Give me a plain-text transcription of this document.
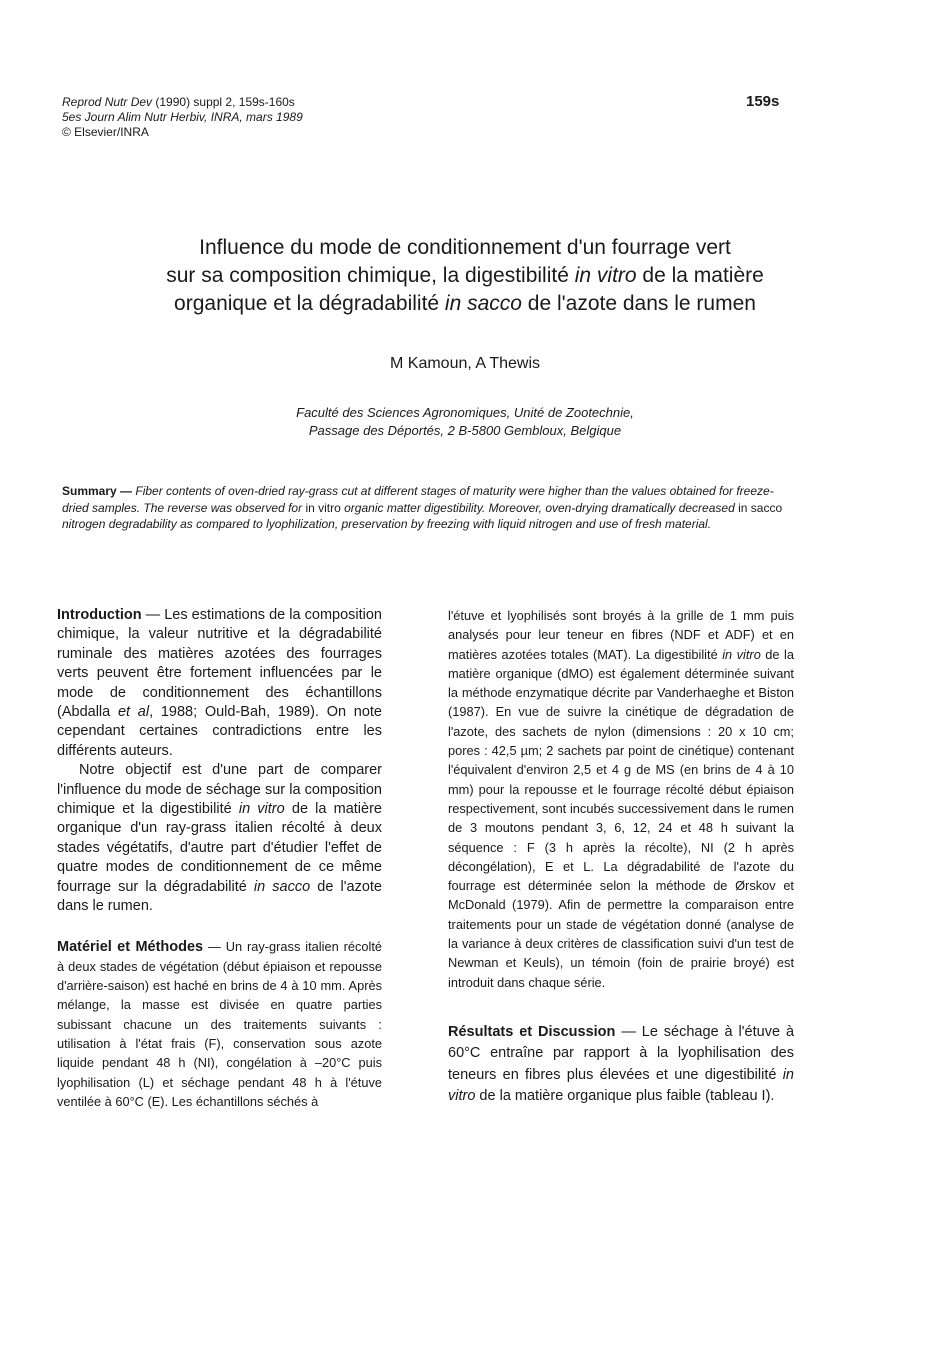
Reprod Nutr Dev (1990) suppl 2, 159s-160s
5es Journ Alim Nutr Herbiv, INRA, mars 1989
© Elsevier/INRA
159s
Influence du mode de conditionnement d'un fourrage vert
sur sa composition chimique, la digestibilité in vitro de la matière
organique et la dégradabilité in sacco de l'azote dans le rumen
M Kamoun, A Thewis
Faculté des Sciences Agronomiques, Unité de Zootechnie,
Passage des Déportés, 2 B-5800 Gembloux, Belgique
Summary — Fiber contents of oven-dried ray-grass cut at different stages of maturity were higher than the values obtained for freeze-dried samples. The reverse was observed for in vitro organic matter digestibility. Moreover, oven-drying dramatically decreased in sacco nitrogen degradability as compared to lyophilization, preservation by freezing with liquid nitrogen and use of fresh material.

Introduction — Les estimations de la composition chimique, la valeur nutritive et la dégradabilité ruminale des matières azotées des fourrages verts peuvent être fortement influencées par le mode de conditionnement des échantillons (Abdalla et al, 1988; Ould-Bah, 1989). On note cependant certaines contradictions entre les différents auteurs.

Notre objectif est d'une part de comparer l'influence du mode de séchage sur la composition chimique et la digestibilité in vitro de la matière organique d'un ray-grass italien récolté à deux stades végétatifs, d'autre part d'étudier l'effet de quatre modes de conditionnement de ce même fourrage sur la dégradabilité in sacco de l'azote dans le rumen.

Matériel et Méthodes — Un ray-grass italien récolté à deux stades de végétation (début épiaison et repousse d'arrière-saison) est haché en brins de 4 à 10 mm. Après mélange, la masse est divisée en quatre parties subissant chacune un des traitements suivants : utilisation à l'état frais (F), conservation sous azote liquide pendant 48 h (NI), congélation à –20°C puis lyophilisation (L) et séchage pendant 48 h à l'étuve ventilée à 60°C (E). Les échantillons séchés à

l'étuve et lyophilisés sont broyés à la grille de 1 mm puis analysés pour leur teneur en fibres (NDF et ADF) et en matières azotées totales (MAT). La digestibilité in vitro de la matière organique (dMO) est également déterminée suivant la méthode enzymatique décrite par Vanderhaeghe et Biston (1987). En vue de suivre la cinétique de dégradation de l'azote, des sachets de nylon (dimensions : 20 x 10 cm; pores : 42,5 µm; 2 sachets par point de cinétique) contenant l'équivalent d'environ 2,5 et 4 g de MS (en brins de 4 à 10 mm) pour la repousse et le fourrage récolté début épiaison respectivement, sont incubés successivement dans le rumen de 3 moutons pendant 3, 6, 12, 24 et 48 h suivant la séquence : F (3 h après la récolte), NI (2 h après décongélation), E et L. La dégradabilité de l'azote du fourrage est déterminée selon la méthode de Ørskov et McDonald (1979). Afin de permettre la comparaison entre traitements pour un stade de végétation donné (analyse de la variance à deux critères de classification suivi d'un test de Newman et Keuls), un témoin (foin de prairie broyé) est introduit dans chaque série.

Résultats et Discussion — Le séchage à l'étuve à 60°C entraîne par rapport à la lyophilisation des teneurs en fibres plus élevées et une digestibilité in vitro de la matière organique plus faible (tableau I).
